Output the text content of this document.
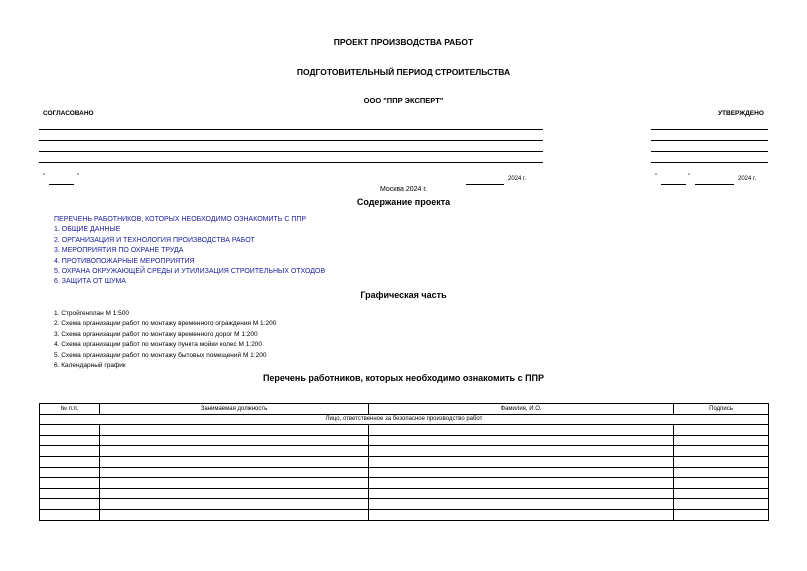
ПРОЕКТ ПРОИЗВОДСТВА РАБОТ
ПОДГОТОВИТЕЛЬНЫЙ ПЕРИОД СТРОИТЕЛЬСТВА
ООО "ППР ЭКСПЕРТ"
СОГЛАСОВАНО	УТВЕРЖДЕНО
"	"	2024 г.	"	"	2024 г.
Москва 2024 г.
Содержание проекта
ПЕРЕЧЕНЬ РАБОТНИКОВ, КОТОРЫХ НЕОБХОДИМО ОЗНАКОМИТЬ С ППР
1. ОБЩИЕ ДАННЫЕ
2. ОРГАНИЗАЦИЯ И ТЕХНОЛОГИЯ ПРОИЗВОДСТВА РАБОТ
3. МЕРОПРИЯТИЯ ПО ОХРАНЕ ТРУДА
4. ПРОТИВОПОЖАРНЫЕ МЕРОПРИЯТИЯ
5. ОХРАНА ОКРУЖАЮЩЕЙ СРЕДЫ И УТИЛИЗАЦИЯ СТРОИТЕЛЬНЫХ ОТХОДОВ
6. ЗАЩИТА ОТ ШУМА
Графическая часть
1. Стройгенплан М 1:500
2. Схема организации работ по монтажу временного ограждения М 1:200
3. Схема организации работ по монтажу временного дорог М 1:200
4. Схема организации работ по монтажу пункта мойки колес М 1:200
5. Схема организации работ по монтажу бытовых помещений М 1:200
6. Календарный график
Перечень работников, которых необходимо ознакомить с ППР
№ п.п.	Занимаемая должность	Фамилия, И.О.	Подпись
Лицо, ответственное за безопасное производство работ			
